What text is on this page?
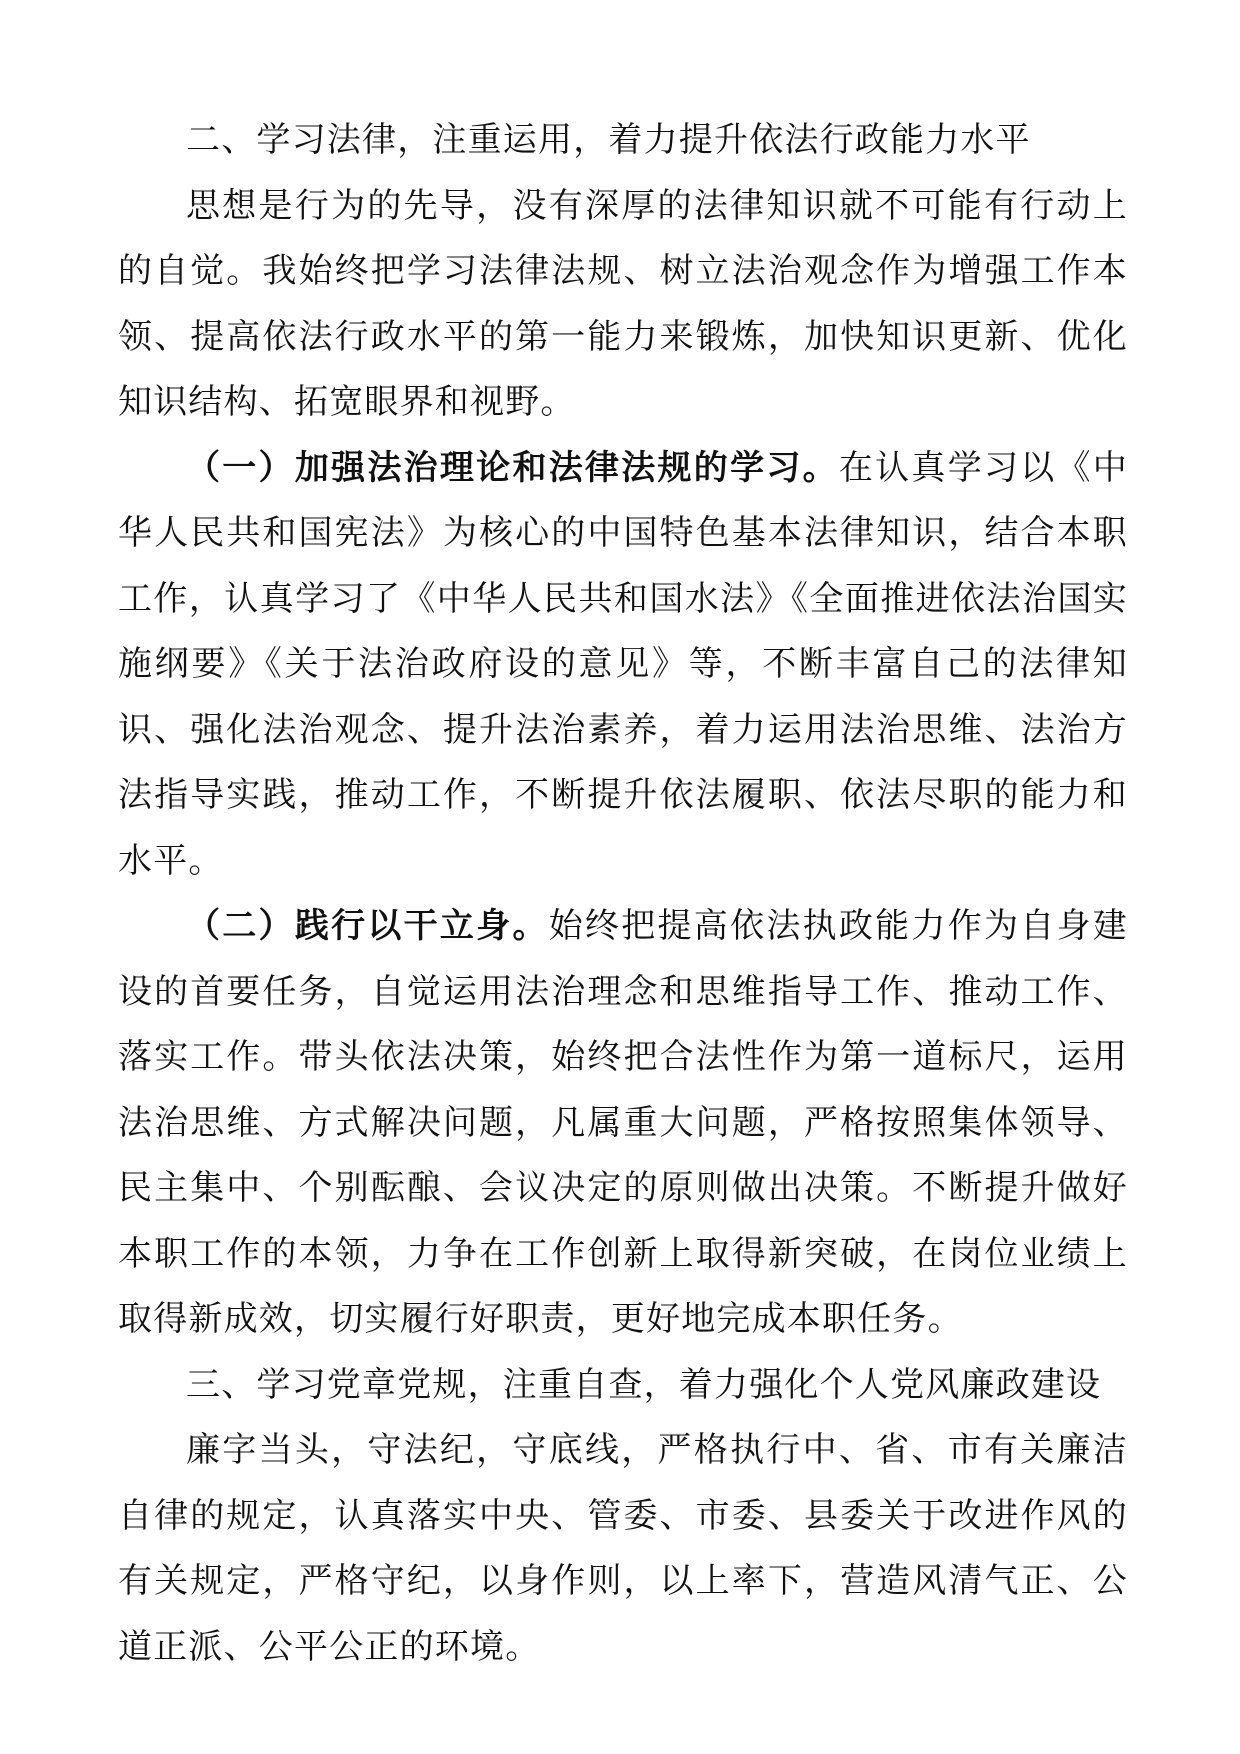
二、学习法律，注重运用，着力提升依法行政能力水平

思想是行为的先导，没有深厚的法律知识就不可能有行动上的自觉。我始终把学习法律法规、树立法治观念作为增强工作本领、提高依法行政水平的第一能力来锻炼，加快知识更新、优化知识结构、拓宽眼界和视野。

（一）加强法治理论和法律法规的学习。在认真学习以《中华人民共和国宪法》为核心的中国特色基本法律知识，结合本职工作，认真学习了《中华人民共和国水法》《全面推进依法治国实施纲要》《关于法治政府设的意见》等，不断丰富自己的法律知识、强化法治观念、提升法治素养，着力运用法治思维、法治方法指导实践，推动工作，不断提升依法履职、依法尽职的能力和水平。

（二）践行以干立身。始终把提高依法执政能力作为自身建设的首要任务，自觉运用法治理念和思维指导工作、推动工作、落实工作。带头依法决策，始终把合法性作为第一道标尺，运用法治思维、方式解决问题，凡属重大问题，严格按照集体领导、民主集中、个别酝酿、会议决定的原则做出决策。不断提升做好本职工作的本领，力争在工作创新上取得新突破，在岗位业绩上取得新成效，切实履行好职责，更好地完成本职任务。

三、学习党章党规，注重自查，着力强化个人党风廉政建设

廉字当头，守法纪，守底线，严格执行中、省、市有关廉洁自律的规定，认真落实中央、管委、市委、县委关于改进作风的有关规定，严格守纪，以身作则，以上率下，营造风清气正、公道正派、公平公正的环境。
